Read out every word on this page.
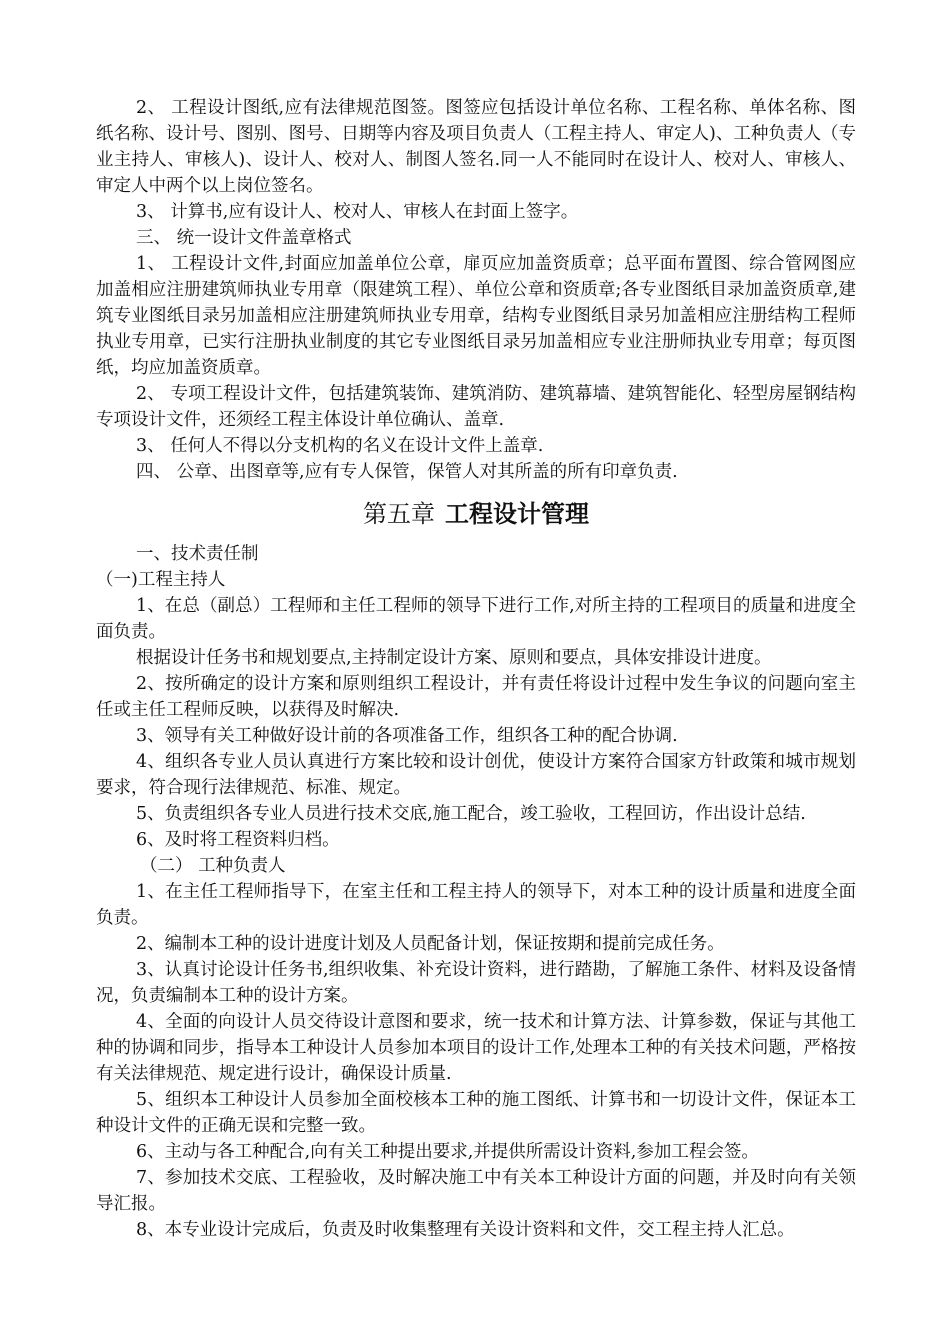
2、 工程设计图纸,应有法律规范图签。图签应包括设计单位名称、工程名称、单体名称、图纸名称、设计号、图别、图号、日期等内容及项目负责人（工程主持人、审定人)、工种负责人（专业主持人、审核人)、设计人、校对人、制图人签名.同一人不能同时在设计人、校对人、审核人、审定人中两个以上岗位签名。

3、 计算书,应有设计人、校对人、审核人在封面上签字。

三、 统一设计文件盖章格式

1、 工程设计文件,封面应加盖单位公章，扉页应加盖资质章；总平面布置图、综合管网图应加盖相应注册建筑师执业专用章（限建筑工程）、单位公章和资质章;各专业图纸目录加盖资质章,建筑专业图纸目录另加盖相应注册建筑师执业专用章，结构专业图纸目录另加盖相应注册结构工程师执业专用章，已实行注册执业制度的其它专业图纸目录另加盖相应专业注册师执业专用章；每页图纸，均应加盖资质章。

2、 专项工程设计文件，包括建筑装饰、建筑消防、建筑幕墙、建筑智能化、轻型房屋钢结构专项设计文件，还须经工程主体设计单位确认、盖章.

3、 任何人不得以分支机构的名义在设计文件上盖章.

四、 公章、出图章等,应有专人保管，保管人对其所盖的所有印章负责.

第五章 工程设计管理

一、技术责任制

（一)工程主持人

1、在总（副总）工程师和主任工程师的领导下进行工作,对所主持的工程项目的质量和进度全面负责。

根据设计任务书和规划要点,主持制定设计方案、原则和要点，具体安排设计进度。

2、按所确定的设计方案和原则组织工程设计，并有责任将设计过程中发生争议的问题向室主任或主任工程师反映，以获得及时解决.

3、领导有关工种做好设计前的各项准备工作，组织各工种的配合协调.

4、组织各专业人员认真进行方案比较和设计创优，使设计方案符合国家方针政策和城市规划要求，符合现行法律规范、标准、规定。

5、负责组织各专业人员进行技术交底,施工配合，竣工验收，工程回访，作出设计总结.

6、及时将工程资料归档。

（二） 工种负责人

1、在主任工程师指导下，在室主任和工程主持人的领导下，对本工种的设计质量和进度全面负责。

2、编制本工种的设计进度计划及人员配备计划，保证按期和提前完成任务。

3、认真讨论设计任务书,组织收集、补充设计资料，进行踏勘，了解施工条件、材料及设备情况，负责编制本工种的设计方案。

4、全面的向设计人员交待设计意图和要求，统一技术和计算方法、计算参数，保证与其他工种的协调和同步，指导本工种设计人员参加本项目的设计工作,处理本工种的有关技术问题，严格按有关法律规范、规定进行设计，确保设计质量.

5、组织本工种设计人员参加全面校核本工种的施工图纸、计算书和一切设计文件，保证本工种设计文件的正确无误和完整一致。

6、主动与各工种配合,向有关工种提出要求,并提供所需设计资料,参加工程会签。

7、参加技术交底、工程验收，及时解决施工中有关本工种设计方面的问题，并及时向有关领导汇报。

8、本专业设计完成后，负责及时收集整理有关设计资料和文件，交工程主持人汇总。
